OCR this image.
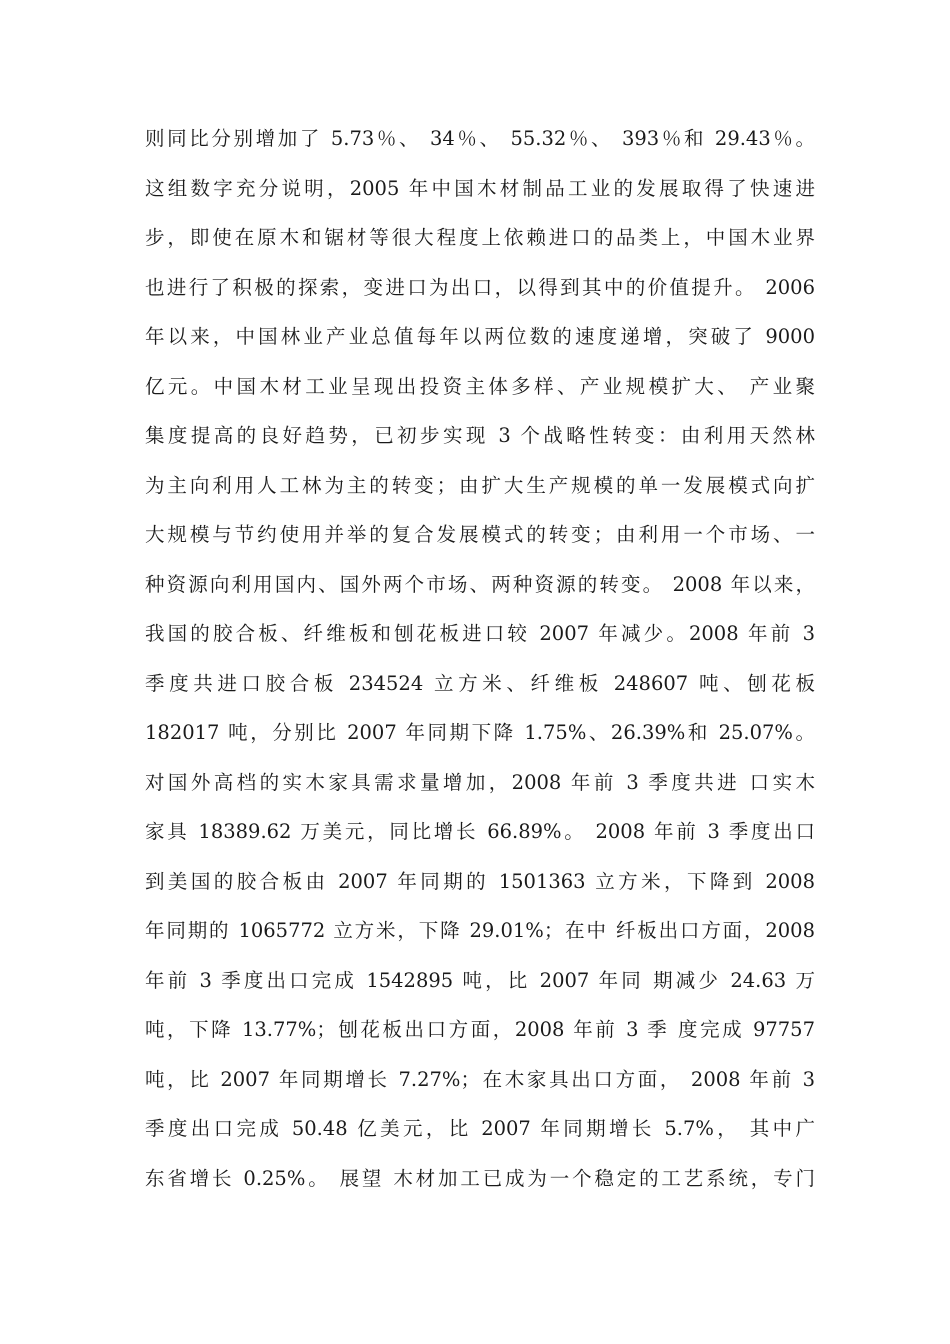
则同比分别增加了 5.73％、 34％、 55.32％、 393％和 29.43％。
这组数字充分说明，2005 年中国木材制品工业的发展取得了快速进
步，即使在原木和锯材等很大程度上依赖进口的品类上，中国木业界
也进行了积极的探索，变进口为出口，以得到其中的价值提升。 2006
年以来，中国林业产业总值每年以两位数的速度递增，突破了 9000
亿元。中国木材工业呈现出投资主体多样、产业规模扩大、 产业聚
集度提高的良好趋势，已初步实现 3 个战略性转变：由利用天然林
为主向利用人工林为主的转变；由扩大生产规模的单一发展模式向扩
大规模与节约使用并举的复合发展模式的转变；由利用一个市场、一
种资源向利用国内、国外两个市场、两种资源的转变。 2008 年以来，
我国的胶合板、纤维板和刨花板进口较 2007 年减少。2008 年前 3
季度共进口胶合板 234524 立方米、纤维板 248607 吨、刨花板
182017 吨，分别比 2007 年同期下降 1.75%、26.39%和 25.07%。
对国外高档的实木家具需求量增加，2008 年前 3 季度共进 口实木
家具 18389.62 万美元，同比增长 66.89%。 2008 年前 3 季度出口
到美国的胶合板由 2007 年同期的 1501363 立方米，下降到 2008
年同期的 1065772 立方米，下降 29.01%；在中 纤板出口方面，2008
年前 3 季度出口完成 1542895 吨，比 2007 年同 期减少 24.63 万
吨，下降 13.77%；刨花板出口方面，2008 年前 3 季 度完成 97757
吨，比 2007 年同期增长 7.27%；在木家具出口方面， 2008 年前 3
季度出口完成 50.48 亿美元，比 2007 年同期增长 5.7%， 其中广
东省增长 0.25%。 展望 木材加工已成为一个稳定的工艺系统，专门
